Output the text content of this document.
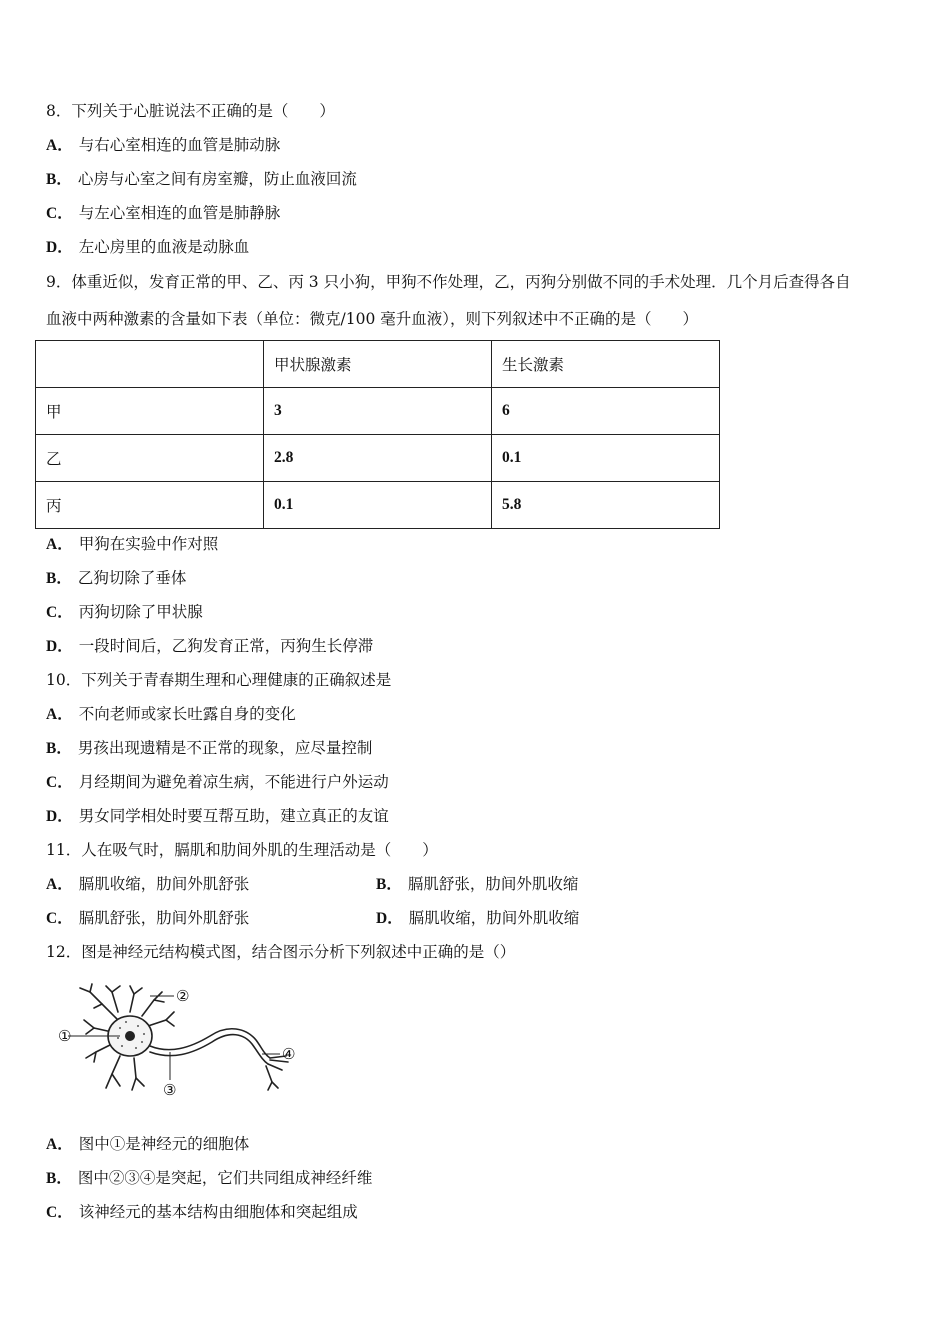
8．下列关于心脏说法不正确的是（　　）
A． 与右心室相连的血管是肺动脉
B． 心房与心室之间有房室瓣，防止血液回流
C． 与左心室相连的血管是肺静脉
D． 左心房里的血液是动脉血
9．体重近似，发育正常的甲、乙、丙 3 只小狗，甲狗不作处理，乙，丙狗分别做不同的手术处理．几个月后查得各自
血液中两种激素的含量如下表（单位：微克/100 毫升血液），则下列叙述中不正确的是（　　）
	甲状腺激素	生长激素
甲	3	6
乙	2.8	0.1
丙	0.1	5.8
A． 甲狗在实验中作对照
B． 乙狗切除了垂体
C． 丙狗切除了甲状腺
D． 一段时间后，乙狗发育正常，丙狗生长停滞
10．下列关于青春期生理和心理健康的正确叙述是
A． 不向老师或家长吐露自身的变化
B． 男孩出现遗精是不正常的现象，应尽量控制
C． 月经期间为避免着凉生病，不能进行户外运动
D． 男女同学相处时要互帮互助，建立真正的友谊
11．人在吸气时，膈肌和肋间外肌的生理活动是（　　）
A． 膈肌收缩，肋间外肌舒张	B． 膈肌舒张，肋间外肌收缩
C． 膈肌舒张，肋间外肌舒张	D． 膈肌收缩，肋间外肌收缩
12．图是神经元结构模式图，结合图示分析下列叙述中正确的是（）
①
②
③
④
A． 图中①是神经元的细胞体
B． 图中②③④是突起，它们共同组成神经纤维
C． 该神经元的基本结构由细胞体和突起组成
